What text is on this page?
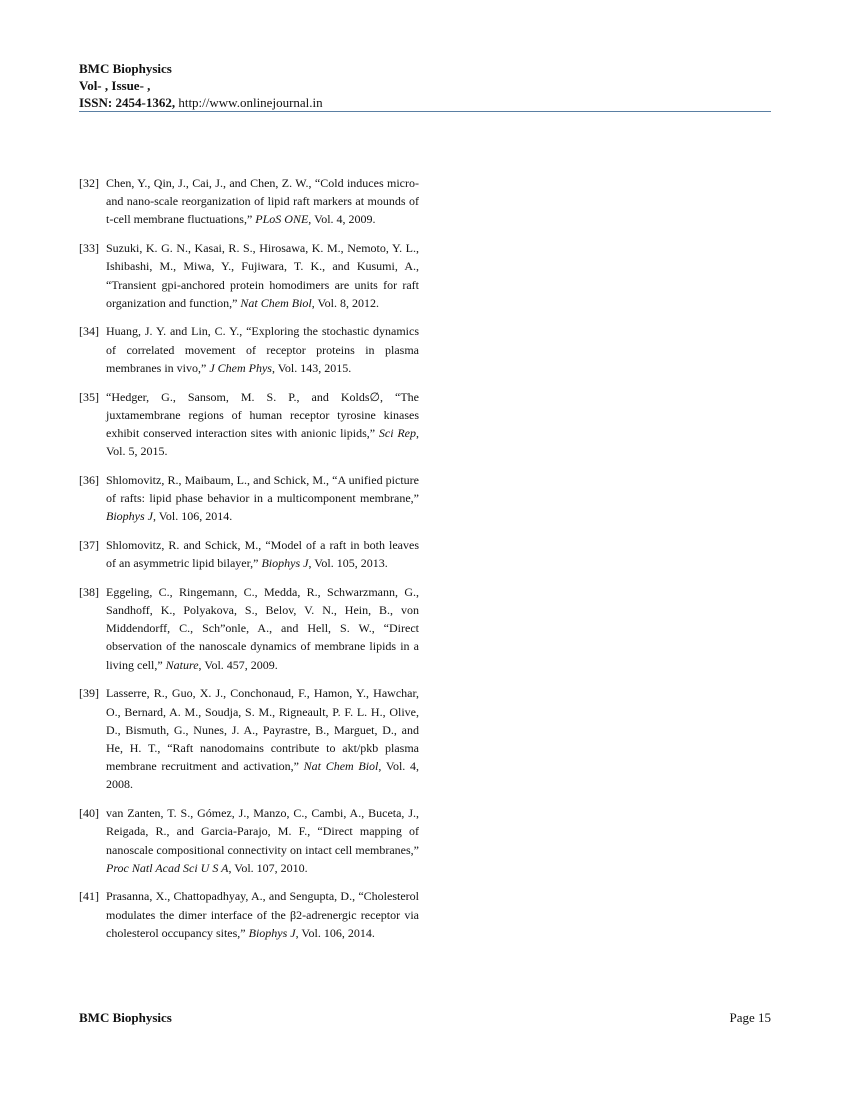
BMC Biophysics
Vol- , Issue- ,
ISSN: 2454-1362, http://www.onlinejournal.in
[32] Chen, Y., Qin, J., Cai, J., and Chen, Z. W., “Cold induces micro- and nano-scale reorganization of lipid raft markers at mounds of t-cell membrane fluctuations,” PLoS ONE, Vol. 4, 2009.
[33] Suzuki, K. G. N., Kasai, R. S., Hirosawa, K. M., Nemoto, Y. L., Ishibashi, M., Miwa, Y., Fujiwara, T. K., and Kusumi, A., “Transient gpi-anchored protein homodimers are units for raft organization and function,” Nat Chem Biol, Vol. 8, 2012.
[34] Huang, J. Y. and Lin, C. Y., “Exploring the stochastic dynamics of correlated movement of receptor proteins in plasma membranes in vivo,” J Chem Phys, Vol. 143, 2015.
[35] “Hedger, G., Sansom, M. S. P., and Kolds∅, “The juxtamembrane regions of human receptor tyrosine kinases exhibit conserved interaction sites with anionic lipids,” Sci Rep, Vol. 5, 2015.
[36] Shlomovitz, R., Maibaum, L., and Schick, M., “A unified picture of rafts: lipid phase behavior in a multicomponent membrane,” Biophys J, Vol. 106, 2014.
[37] Shlomovitz, R. and Schick, M., “Model of a raft in both leaves of an asymmetric lipid bilayer,” Biophys J, Vol. 105, 2013.
[38] Eggeling, C., Ringemann, C., Medda, R., Schwarzmann, G., Sandhoff, K., Polyakova, S., Belov, V. N., Hein, B., von Middendorff, C., Sch”onle, A., and Hell, S. W., “Direct observation of the nanoscale dynamics of membrane lipids in a living cell,” Nature, Vol. 457, 2009.
[39] Lasserre, R., Guo, X. J., Conchonaud, F., Hamon, Y., Hawchar, O., Bernard, A. M., Soudja, S. M., Rigneault, P. F. L. H., Olive, D., Bismuth, G., Nunes, J. A., Payrastre, B., Marguet, D., and He, H. T., “Raft nanodomains contribute to akt/pkb plasma membrane recruitment and activation,” Nat Chem Biol, Vol. 4, 2008.
[40] van Zanten, T. S., Gómez, J., Manzo, C., Cambi, A., Buceta, J., Reigada, R., and Garcia-Parajo, M. F., “Direct mapping of nanoscale compositional connectivity on intact cell membranes,” Proc Natl Acad Sci U S A, Vol. 107, 2010.
[41] Prasanna, X., Chattopadhyay, A., and Sengupta, D., “Cholesterol modulates the dimer interface of the β2-adrenergic receptor via cholesterol occupancy sites,” Biophys J, Vol. 106, 2014.
BMC Biophysics	Page 15
